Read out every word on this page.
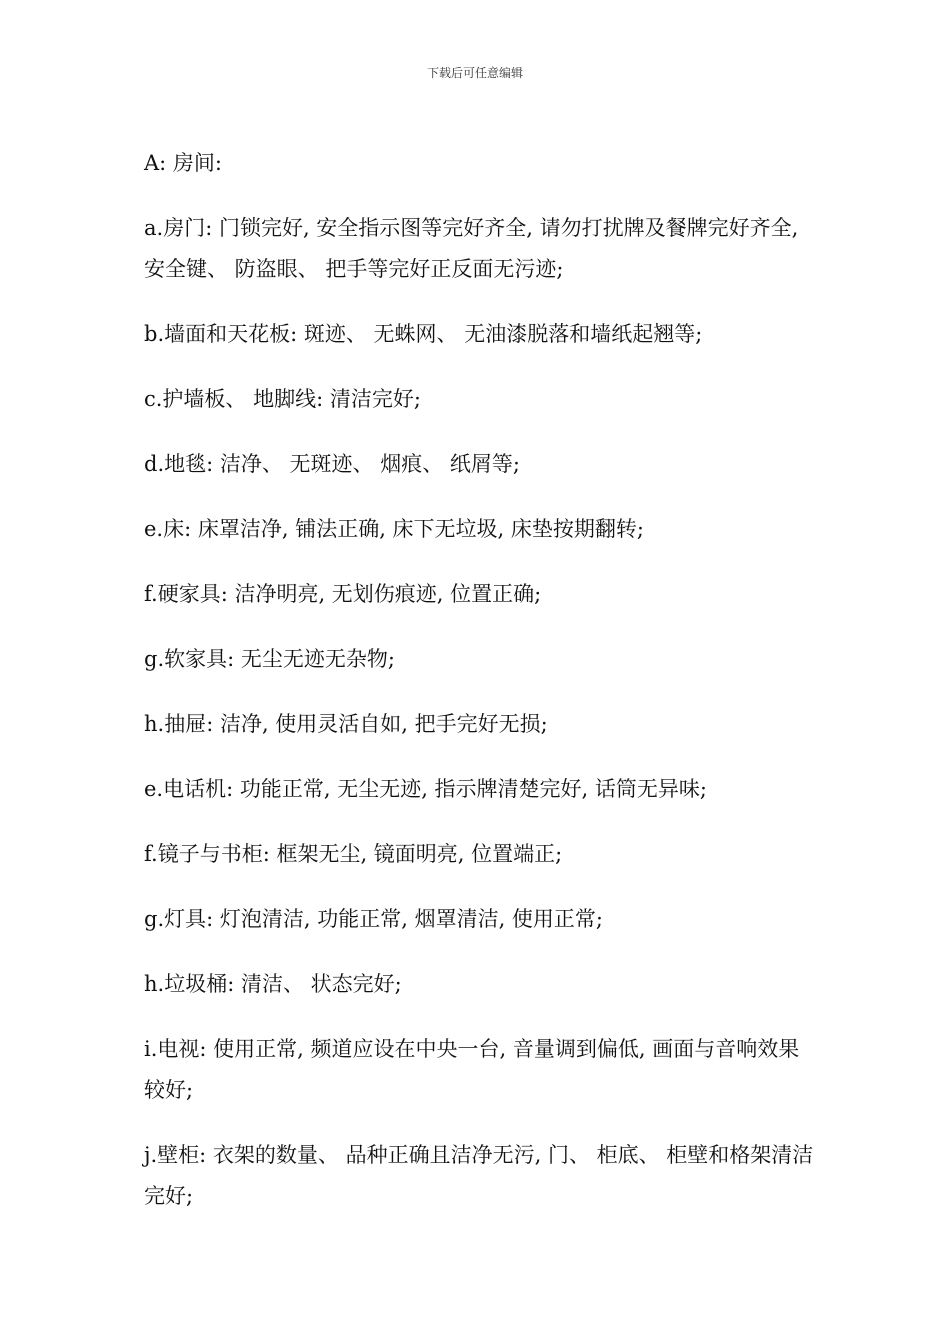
下载后可任意编辑

A: 房间:

a.房门: 门锁完好, 安全指示图等完好齐全, 请勿打扰牌及餐牌完好齐全, 安全键、 防盗眼、 把手等完好正反面无污迹;

b.墙面和天花板: 斑迹、 无蛛网、 无油漆脱落和墙纸起翘等;

c.护墙板、 地脚线: 清洁完好;

d.地毯: 洁净、 无斑迹、 烟痕、 纸屑等;

e.床: 床罩洁净, 铺法正确, 床下无垃圾, 床垫按期翻转;

f.硬家具: 洁净明亮, 无划伤痕迹, 位置正确;

g.软家具: 无尘无迹无杂物;

h.抽屉: 洁净, 使用灵活自如, 把手完好无损;

e.电话机: 功能正常, 无尘无迹, 指示牌清楚完好, 话筒无异味;

f.镜子与书柜: 框架无尘, 镜面明亮, 位置端正;

g.灯具: 灯泡清洁, 功能正常, 烟罩清洁, 使用正常;

h.垃圾桶: 清洁、 状态完好;

i.电视: 使用正常, 频道应设在中央一台, 音量调到偏低, 画面与音响效果较好;

j.壁柜: 衣架的数量、 品种正确且洁净无污, 门、 柜底、 柜壁和格架清洁完好;
